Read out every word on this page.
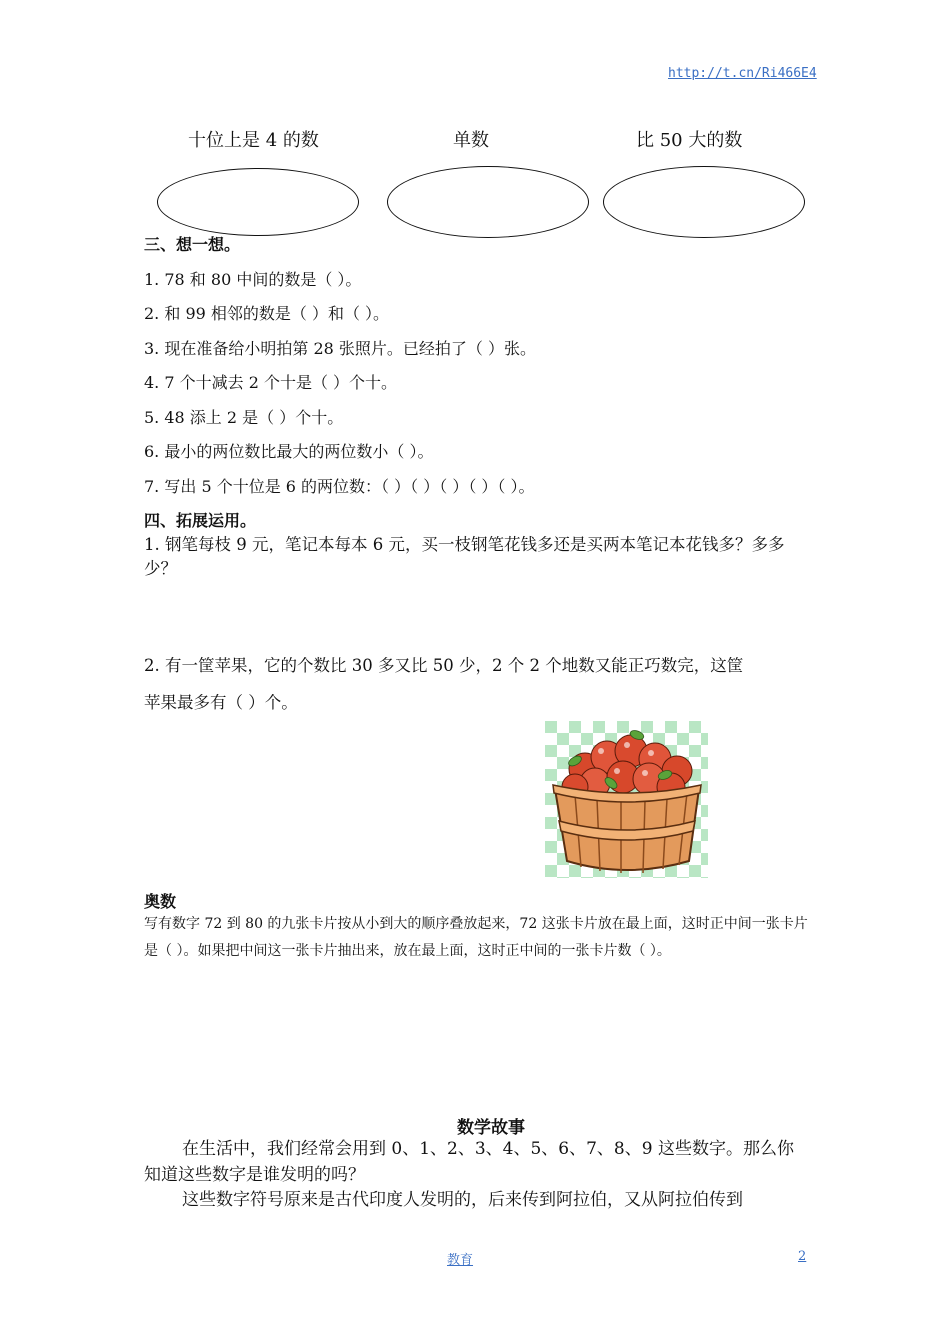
http://t.cn/Ri466E4
十位上是 4 的数	单数	比 50 大的数
三、想一想。
1. 78 和 80 中间的数是（ ）。
2. 和 99 相邻的数是（ ）和（ ）。
3. 现在准备给小明拍第 28 张照片。已经拍了（ ）张。
4. 7 个十减去 2 个十是（ ）个十。
5. 48 添上 2 是（ ）个十。
6. 最小的两位数比最大的两位数小（ ）。
7. 写出 5 个十位是 6 的两位数：（ ）（ ）（ ）（ ）（ ）。
四、拓展运用。
1. 钢笔每枝 9 元，笔记本每本 6 元，买一枝钢笔花钱多还是买两本笔记本花钱多？多多少？
2. 有一筐苹果，它的个数比 30 多又比 50 少，2 个 2 个地数又能正巧数完，这筐
苹果最多有（ ）个。
奥数
写有数字 72 到 80 的九张卡片按从小到大的顺序叠放起来，72 这张卡片放在最上面，这时正中间一张卡片是（ ）。如果把中间这一张卡片抽出来，放在最上面，这时正中间的一张卡片数（ ）。
数学故事
在生活中，我们经常会用到 0、1、2、3、4、5、6、7、8、9 这些数字。那么你知道这些数字是谁发明的吗？
这些数字符号原来是古代印度人发明的，后来传到阿拉伯，又从阿拉伯传到
教育	2
